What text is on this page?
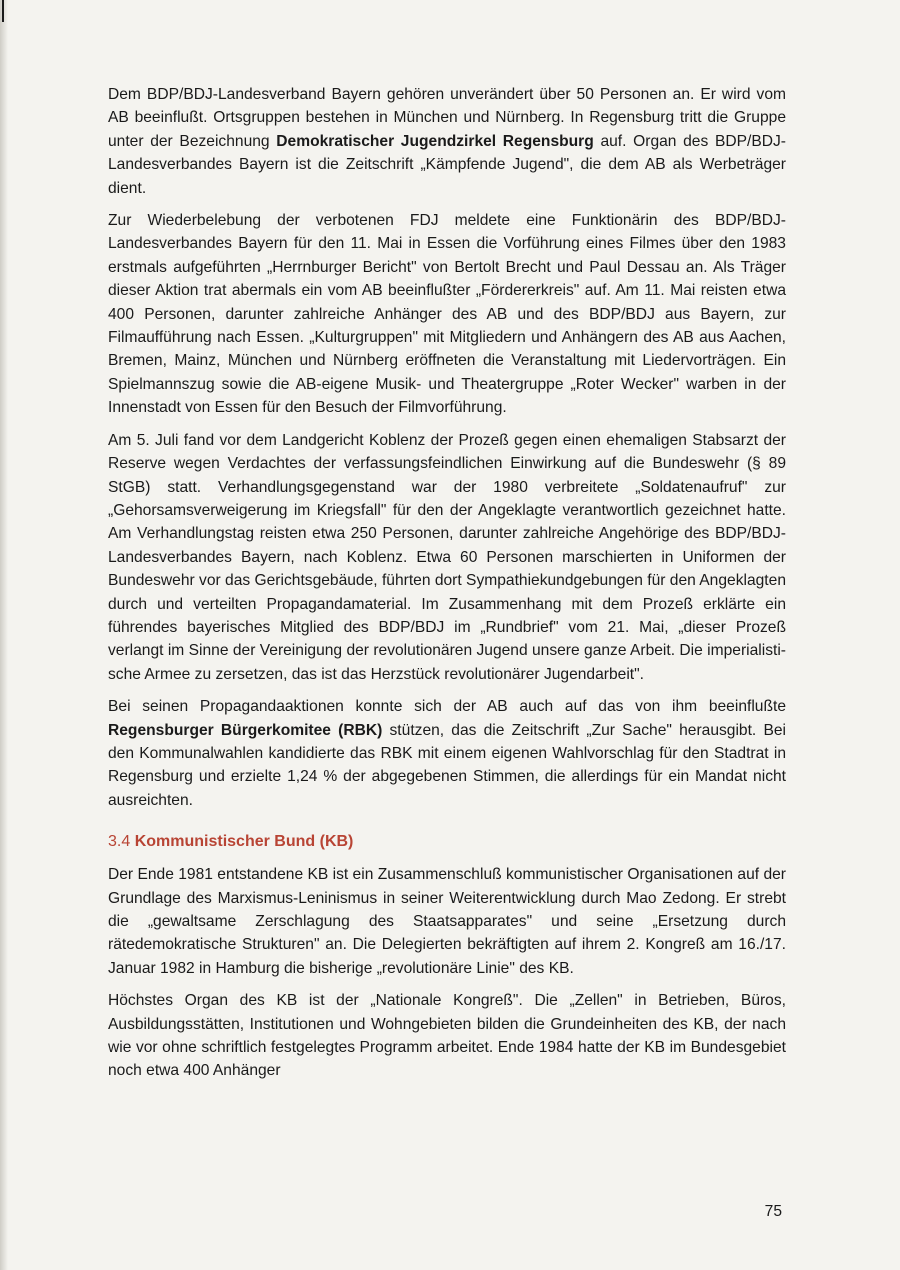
Dem BDP/BDJ-Landesverband Bayern gehören unverändert über 50 Personen an. Er wird vom AB beeinflußt. Ortsgruppen bestehen in München und Nürnberg. In Regensburg tritt die Gruppe unter der Bezeichnung Demokratischer Jugendzirkel Regensburg auf. Organ des BDP/BDJ- Landesverbandes Bayern ist die Zeitschrift „Kämpfende Jugend", die dem AB als Werbeträger dient.

Zur Wiederbelebung der verbotenen FDJ meldete eine Funktionärin des BDP/BDJ-Landesverbandes Bayern für den 11. Mai in Essen die Vorführung eines Filmes über den 1983 erstmals aufgeführten „Herrnburger Bericht" von Bertolt Brecht und Paul Dessau an. Als Träger dieser Aktion trat abermals ein vom AB beeinflußter „Fördererkreis" auf. Am 11. Mai reisten etwa 400 Personen, darunter zahlreiche Anhänger des AB und des BDP/BDJ aus Bayern, zur Filmaufführung nach Essen. „Kulturgruppen" mit Mitgliedern und Anhängern des AB aus Aachen, Bremen, Mainz, München und Nürnberg eröffneten die Veranstaltung mit Liedervorträgen. Ein Spielmannszug sowie die AB-eigene Musik- und Theatergruppe „Roter Wecker" warben in der Innenstadt von Essen für den Besuch der Filmvorführung.

Am 5. Juli fand vor dem Landgericht Koblenz der Prozeß gegen einen ehemaligen Stabsarzt der Reserve wegen Verdachtes der verfassungsfeindlichen Einwirkung auf die Bundeswehr (§ 89 StGB) statt. Verhandlungsgegenstand war der 1980 verbreitete „Soldatenaufruf" zur „Gehorsamsverweigerung im Kriegsfall" für den der Angeklagte verantwortlich gezeichnet hatte. Am Verhandlungstag reisten etwa 250 Personen, darunter zahlreiche Angehörige des BDP/BDJ-Landesverbandes Bayern, nach Koblenz. Etwa 60 Personen marschierten in Uniformen der Bundeswehr vor das Gerichtsgebäude, führten dort Sympathiekundgebungen für den Angeklagten durch und verteilten Propagandamaterial. Im Zusammenhang mit dem Prozeß erklärte ein führendes bayerisches Mitglied des BDP/BDJ im „Rundbrief" vom 21. Mai, „dieser Prozeß verlangt im Sinne der Vereinigung der revolutionären Jugend unsere ganze Arbeit. Die imperialistische Armee zu zersetzen, das ist das Herzstück revolutionärer Jugendarbeit".

Bei seinen Propagandaaktionen konnte sich der AB auch auf das von ihm beeinflußte Regensburger Bürgerkomitee (RBK) stützen, das die Zeitschrift „Zur Sache" herausgibt. Bei den Kommunalwahlen kandidierte das RBK mit einem eigenen Wahlvorschlag für den Stadtrat in Regensburg und erzielte 1,24 % der abgegebenen Stimmen, die allerdings für ein Mandat nicht ausreichten.

3.4 Kommunistischer Bund (KB)

Der Ende 1981 entstandene KB ist ein Zusammenschluß kommunistischer Organisationen auf der Grundlage des Marxismus-Leninismus in seiner Weiterentwicklung durch Mao Zedong. Er strebt die „gewaltsame Zerschlagung des Staatsapparates" und seine „Ersetzung durch rätedemokratische Strukturen" an. Die Delegierten bekräftigten auf ihrem 2. Kongreß am 16./17. Januar 1982 in Hamburg die bisherige „revolutionäre Linie" des KB.

Höchstes Organ des KB ist der „Nationale Kongreß". Die „Zellen" in Betrieben, Büros, Ausbildungsstätten, Institutionen und Wohngebieten bilden die Grundeinheiten des KB, der nach wie vor ohne schriftlich festgelegtes Programm arbeitet. Ende 1984 hatte der KB im Bundesgebiet noch etwa 400 Anhänger

75
